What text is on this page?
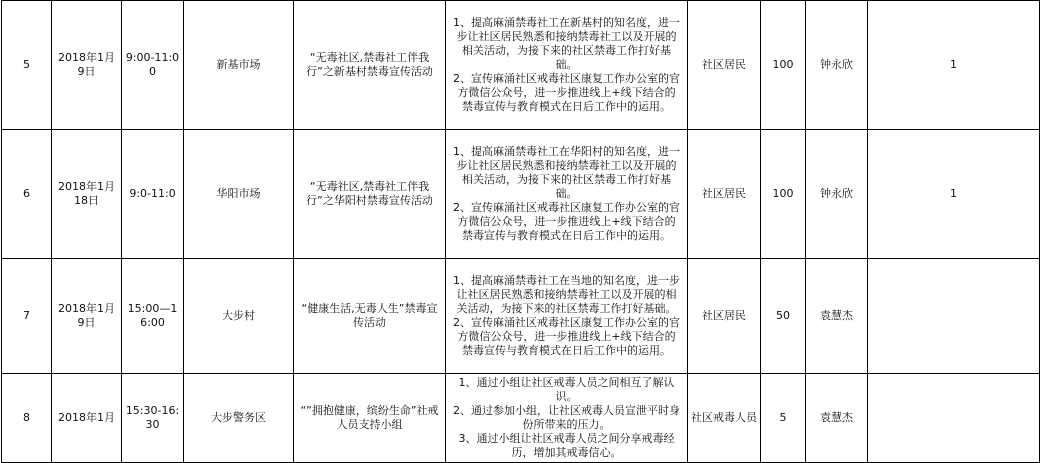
5	2018年1月9日	9:00-11:00	新基市场	“无毒社区,禁毒社工伴我行”之新基村禁毒宣传活动	1、提高麻涌禁毒社工在新基村的知名度，进一步让社区居民熟悉和接纳禁毒社工以及开展的相关活动，为接下来的社区禁毒工作打好基础。
2、宣传麻涌社区戒毒社区康复工作办公室的官方微信公众号，进一步推进线上+线下结合的禁毒宣传与教育模式在日后工作中的运用。	社区居民	100	钟永欣	1
6	2018年1月18日	9:0-11:0	华阳市场	“无毒社区,禁毒社工伴我行”之华阳村禁毒宣传活动	1、提高麻涌禁毒社工在华阳村的知名度，进一步让社区居民熟悉和接纳禁毒社工以及开展的相关活动，为接下来的社区禁毒工作打好基础。
2、宣传麻涌社区戒毒社区康复工作办公室的官方微信公众号，进一步推进线上+线下结合的禁毒宣传与教育模式在日后工作中的运用。	社区居民	100	钟永欣	1
7	2018年1月9日	15:00—16:00	大步村	“健康生活,无毒人生”禁毒宣传活动	1、提高麻涌禁毒社工在当地的知名度，进一步让社区居民熟悉和接纳禁毒社工以及开展的相关活动，为接下来的社区禁毒工作打好基础。
2、宣传麻涌社区戒毒社区康复工作办公室的官方微信公众号，进一步推进线上+线下结合的禁毒宣传与教育模式在日后工作中的运用。	社区居民	50	袁慧杰	
8	2018年1月	15:30-16:30	大步警务区	“”拥抱健康，缤纷生命”社戒人员支持小组	1、通过小组让社区戒毒人员之间相互了解认识。
2、通过参加小组，让社区戒毒人员宣泄平时身份所带来的压力。
3、通过小组让社区戒毒人员之间分享戒毒经历，增加其戒毒信心。	社区戒毒人员	5	袁慧杰	
